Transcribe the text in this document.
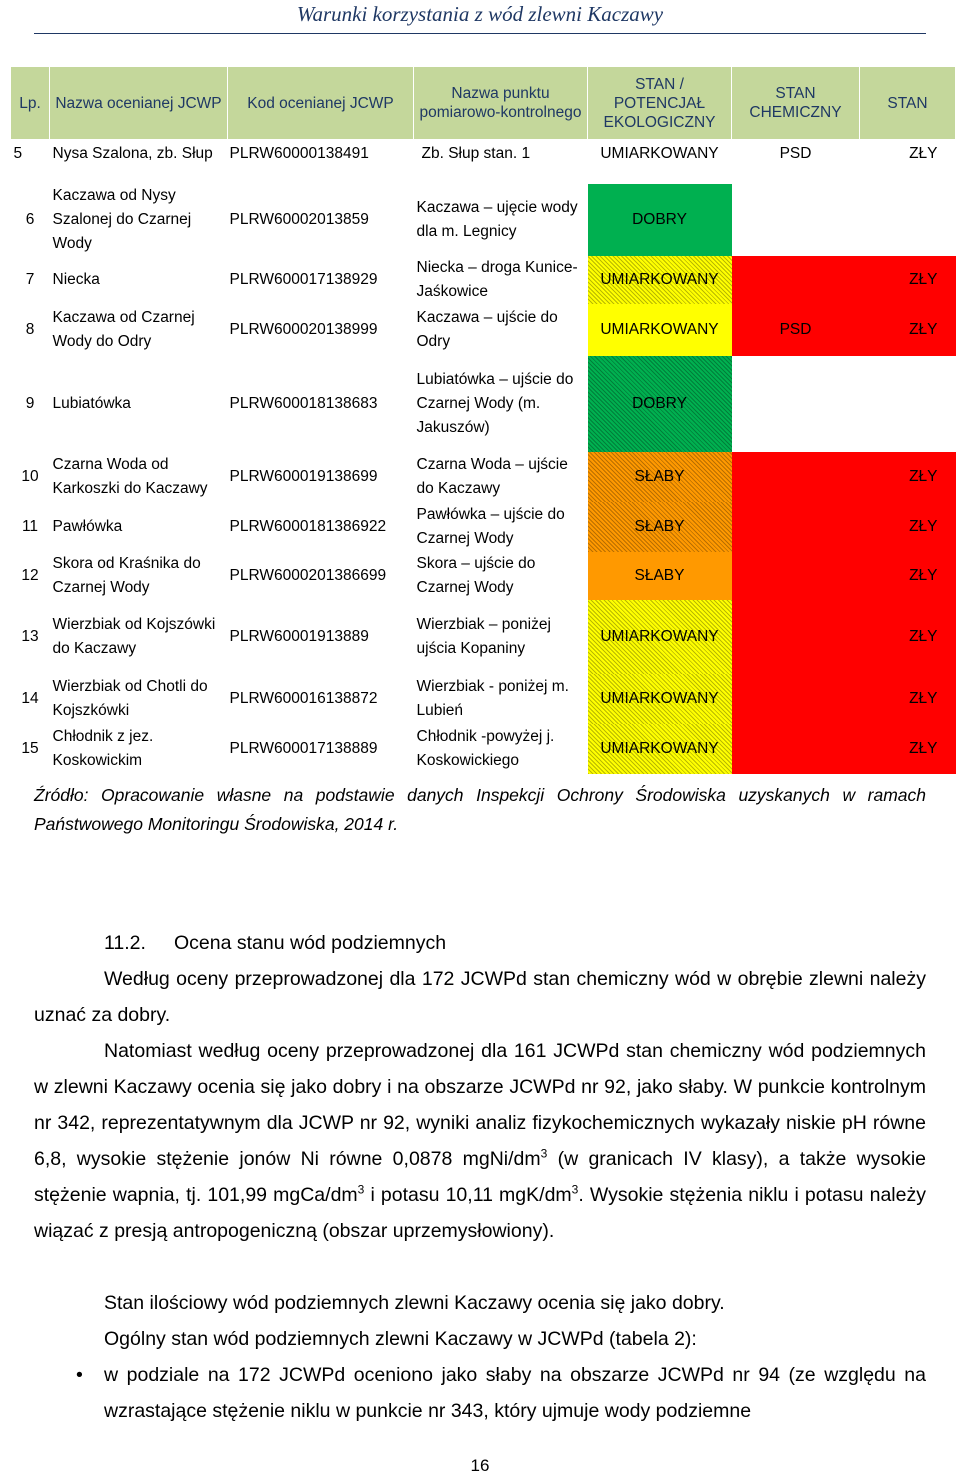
Warunki korzystania z wód zlewni Kaczawy
Lp.	Nazwa ocenianej JCWP	Kod ocenianej JCWP	Nazwa punktu pomiarowo-kontrolnego	STAN / POTENCJAŁ EKOLOGICZNY	STAN CHEMICZNY	STAN
5	Nysa Szalona, zb. Słup	PLRW60000138491	Zb. Słup stan. 1	UMIARKOWANY	PSD	ZŁY

6	Kaczawa od Nysy Szalonej do Czarnej Wody	PLRW60002013859	Kaczawa – ujęcie wody dla m. Legnicy	DOBRY		
7	Niecka	PLRW600017138929	Niecka – droga Kunice-Jaśkowice	UMIARKOWANY		ZŁY
8	Kaczawa od Czarnej Wody do Odry	PLRW600020138999	Kaczawa – ujście do Odry	UMIARKOWANY	PSD	ZŁY
9	Lubiatówka	PLRW600018138683	Lubiatówka – ujście do Czarnej Wody (m. Jakuszów)	DOBRY		
10	Czarna Woda od Karkoszki do Kaczawy	PLRW600019138699	Czarna Woda – ujście do Kaczawy	SŁABY		ZŁY
11	Pawłówka	PLRW6000181386922	Pawłówka – ujście do Czarnej Wody	SŁABY		ZŁY
12	Skora od Kraśnika do Czarnej Wody	PLRW6000201386699	Skora – ujście do Czarnej Wody	SŁABY		ZŁY
13	Wierzbiak od Kojszówki do Kaczawy	PLRW60001913889	Wierzbiak – poniżej ujścia Kopaniny	UMIARKOWANY		ZŁY
14	Wierzbiak od Chotli do Kojszkówki	PLRW600016138872	Wierzbiak - poniżej m. Lubień	UMIARKOWANY		ZŁY
15	Chłodnik z jez. Koskowickim	PLRW600017138889	Chłodnik -powyżej j. Koskowickiego	UMIARKOWANY		ZŁY
Źródło: Opracowanie własne na podstawie danych Inspekcji Ochrony Środowiska uzyskanych w ramach Państwowego Monitoringu Środowiska, 2014 r.
11.2. Ocena stanu wód podziemnych
Według oceny przeprowadzonej dla 172 JCWPd stan chemiczny wód w obrębie zlewni należy uznać za dobry.
Natomiast według oceny przeprowadzonej dla 161 JCWPd stan chemiczny wód podziemnych w zlewni Kaczawy ocenia się jako dobry i na obszarze JCWPd nr 92, jako słaby. W punkcie kontrolnym nr 342, reprezentatywnym dla JCWP nr 92, wyniki analiz fizykochemicznych wykazały niskie pH równe 6,8, wysokie stężenie jonów Ni równe 0,0878 mgNi/$dm^3$ (w granicach IV klasy), a także wysokie stężenie wapnia, tj. 101,99 mgCa/$dm^3$ i potasu 10,11 mgK/$dm^3$. Wysokie stężenia niklu i potasu należy wiązać z presją antropogeniczną (obszar uprzemysłowiony).
Stan ilościowy wód podziemnych zlewni Kaczawy ocenia się jako dobry.
Ogólny stan wód podziemnych zlewni Kaczawy w JCWPd (tabela 2):
• w podziale na 172 JCWPd oceniono jako słaby na obszarze JCWPd nr 94 (ze względu na wzrastające stężenie niklu w punkcie nr 343, który ujmuje wody podziemne
16
